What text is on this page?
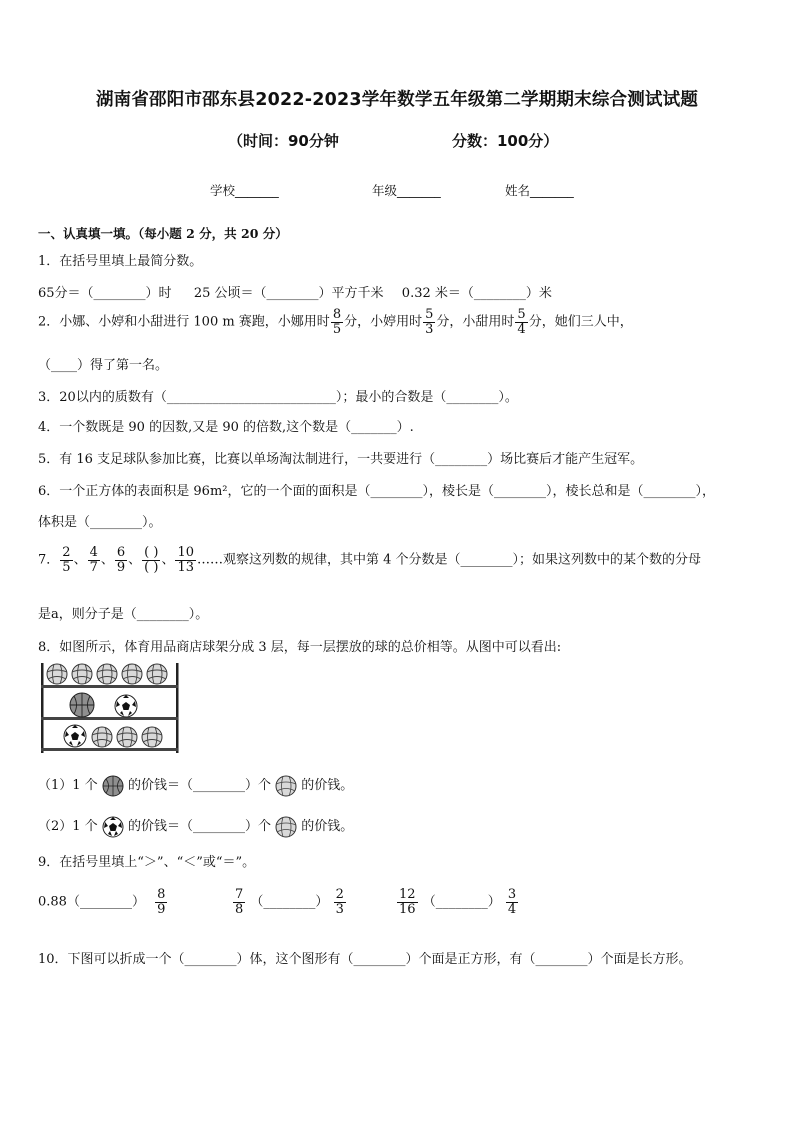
湖南省邵阳市邵东县2022-2023学年数学五年级第二学期期末综合测试试题
（时间：90分钟	分数：100分）
学校_______	年级_______	姓名_______
一、认真填一填。（每小题 2 分，共 20 分）
1．在括号里填上最简分数。
65分＝（________）时 25 公顷＝（________）平方千米 0.32 米＝（________）米
2．小娜、小婷和小甜进行 100 m 赛跑，小娜用时 $\frac{8}{5}$ 分，小婷用时 $\frac{5}{3}$ 分，小甜用时 $\frac{5}{4}$ 分，她们三人中，
（____）得了第一名。
3．20以内的质数有（__________________________）；最小的合数是（________）。
4．一个数既是 90 的因数,又是 90 的倍数,这个数是（_______）.
5．有 16 支足球队参加比赛，比赛以单场淘汰制进行，一共要进行（________）场比赛后才能产生冠军。
6．一个正方体的表面积是 96m²，它的一个面的面积是（________），棱长是（________），棱长总和是（________），
体积是（________）。
7． $\frac{2}{5}$ 、 $\frac{4}{7}$ 、 $\frac{6}{9}$ 、 $\frac{( )}{( )}$ 、 $\frac{10}{13}$ ……观察这列数的规律，其中第 4 个分数是（________）；如果这列数中的某个数的分母
是a，则分子是（________）。
8．如图所示，体育用品商店球架分成 3 层，每一层摆放的球的总价相等。从图中可以看出:
（1）1 个 的价钱＝（________）个 的价钱。
（2）1 个 的价钱＝（________）个 的价钱。
9．在括号里填上“＞”、“＜”或“＝”。
0.88（________） $\frac{8}{9}$	$\frac{7}{8}$ （________） $\frac{2}{3}$	$\frac{12}{16}$ （________） $\frac{3}{4}$
10．下图可以折成一个（________）体，这个图形有（________）个面是正方形，有（________）个面是长方形。
